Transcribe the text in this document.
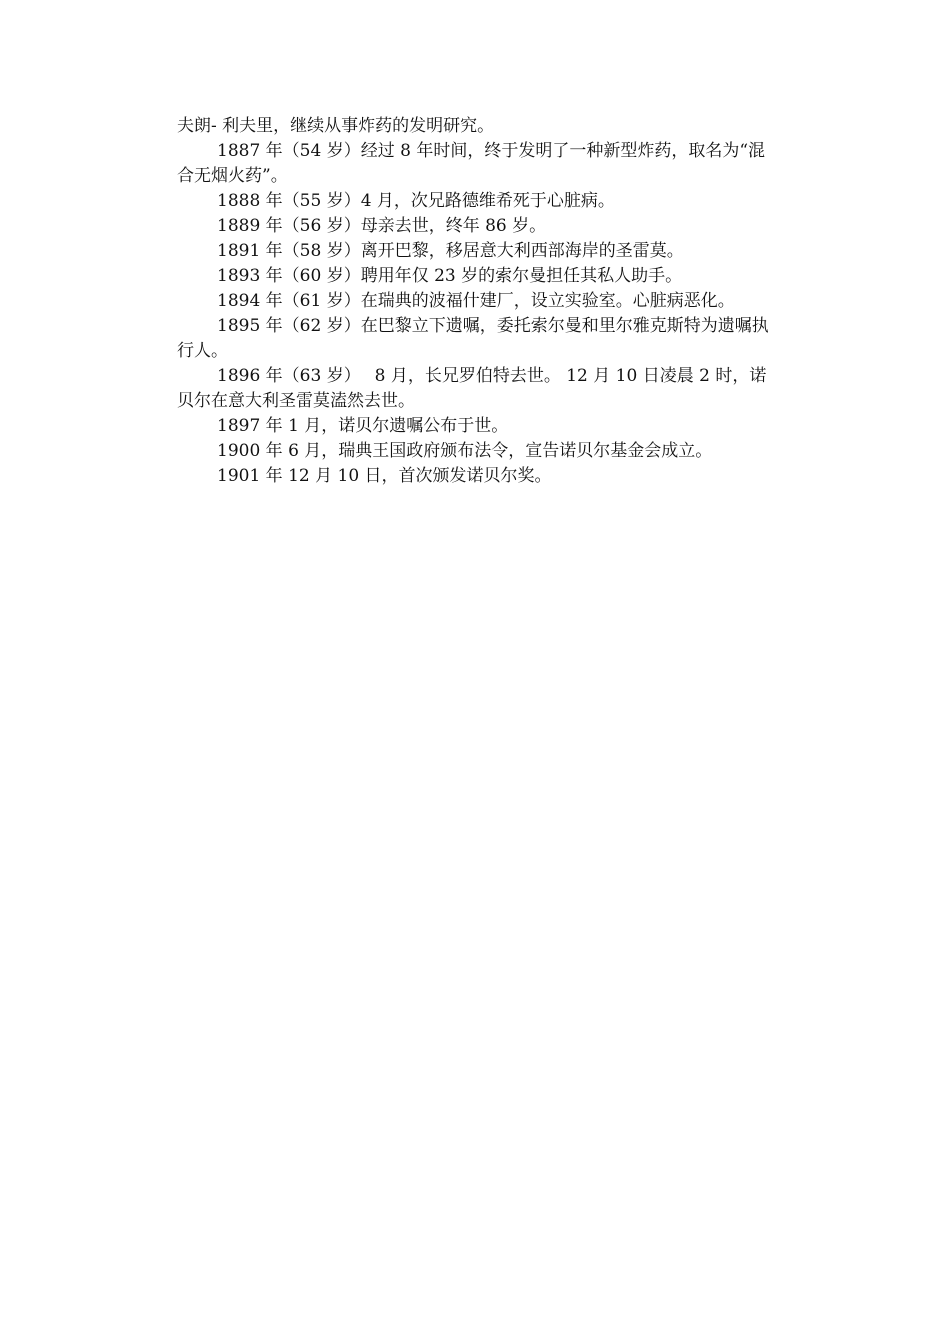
夫朗- 利夫里，继续从事炸药的发明研究。

1887 年（54 岁）经过 8 年时间，终于发明了一种新型炸药，取名为“混合无烟火药”。

1888 年（55 岁）4 月，次兄路德维希死于心脏病。

1889 年（56 岁）母亲去世，终年 86 岁。

1891 年（58 岁）离开巴黎，移居意大利西部海岸的圣雷莫。

1893 年（60 岁）聘用年仅 23 岁的索尔曼担任其私人助手。

1894 年（61 岁）在瑞典的波福什建厂，设立实验室。心脏病恶化。

1895 年（62 岁）在巴黎立下遗嘱，委托索尔曼和里尔雅克斯特为遗嘱执行人。

1896 年（63 岁）　 8 月，长兄罗伯特去世。 12 月 10 日凌晨 2 时，诺贝尔在意大利圣雷莫溘然去世。

1897 年 1 月，诺贝尔遗嘱公布于世。

1900 年 6 月，瑞典王国政府颁布法令，宣告诺贝尔基金会成立。

1901 年 12 月 10 日，首次颁发诺贝尔奖。
